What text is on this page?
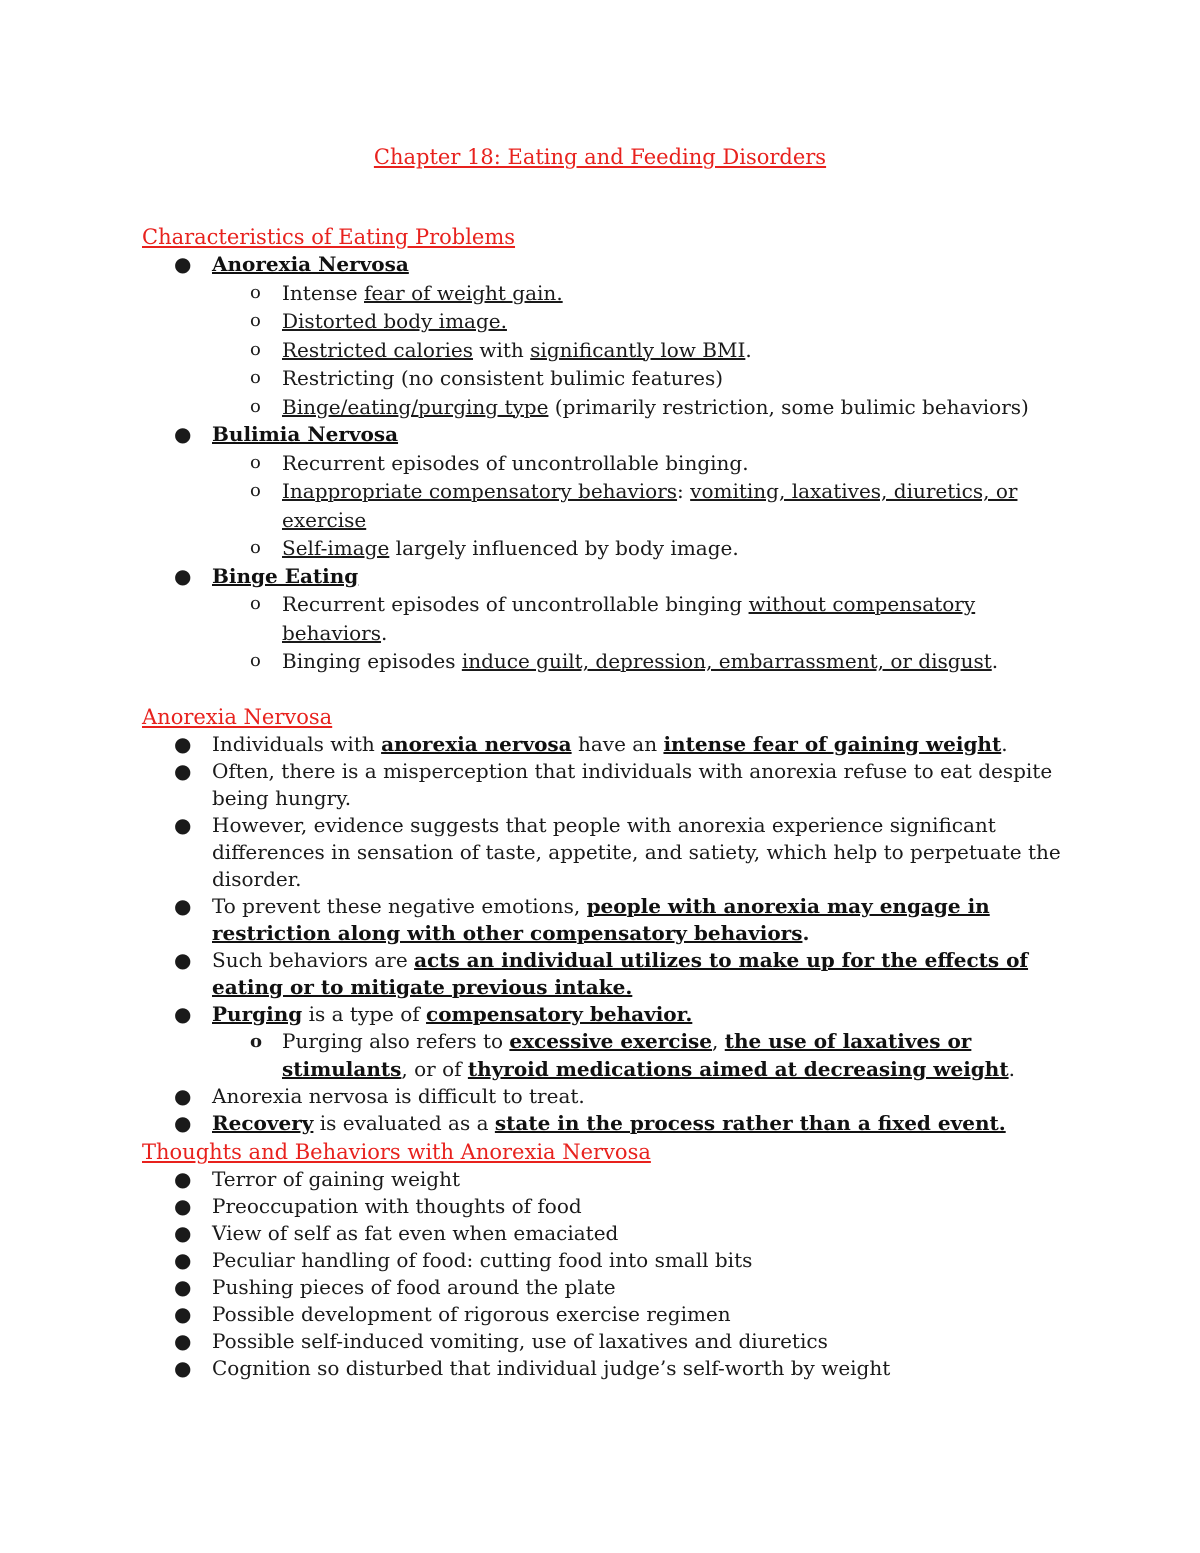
Chapter 18: Eating and Feeding Disorders
Characteristics of Eating Problems
● Anorexia Nervosa
o Intense fear of weight gain.
o Distorted body image.
o Restricted calories with significantly low BMI.
o Restricting (no consistent bulimic features)
o Binge/eating/purging type (primarily restriction, some bulimic behaviors)
● Bulimia Nervosa
o Recurrent episodes of uncontrollable binging.
o Inappropriate compensatory behaviors: vomiting, laxatives, diuretics, or exercise
o Self-image largely influenced by body image.
● Binge Eating
o Recurrent episodes of uncontrollable binging without compensatory behaviors.
o Binging episodes induce guilt, depression, embarrassment, or disgust.
Anorexia Nervosa
● Individuals with anorexia nervosa have an intense fear of gaining weight.
● Often, there is a misperception that individuals with anorexia refuse to eat despite being hungry.
● However, evidence suggests that people with anorexia experience significant differences in sensation of taste, appetite, and satiety, which help to perpetuate the disorder.
● To prevent these negative emotions, people with anorexia may engage in restriction along with other compensatory behaviors.
● Such behaviors are acts an individual utilizes to make up for the effects of eating or to mitigate previous intake.
● Purging is a type of compensatory behavior.
o Purging also refers to excessive exercise, the use of laxatives or stimulants, or of thyroid medications aimed at decreasing weight.
● Anorexia nervosa is difficult to treat.
● Recovery is evaluated as a state in the process rather than a fixed event.
Thoughts and Behaviors with Anorexia Nervosa
● Terror of gaining weight
● Preoccupation with thoughts of food
● View of self as fat even when emaciated
● Peculiar handling of food: cutting food into small bits
● Pushing pieces of food around the plate
● Possible development of rigorous exercise regimen
● Possible self-induced vomiting, use of laxatives and diuretics
● Cognition so disturbed that individual judge’s self-worth by weight
